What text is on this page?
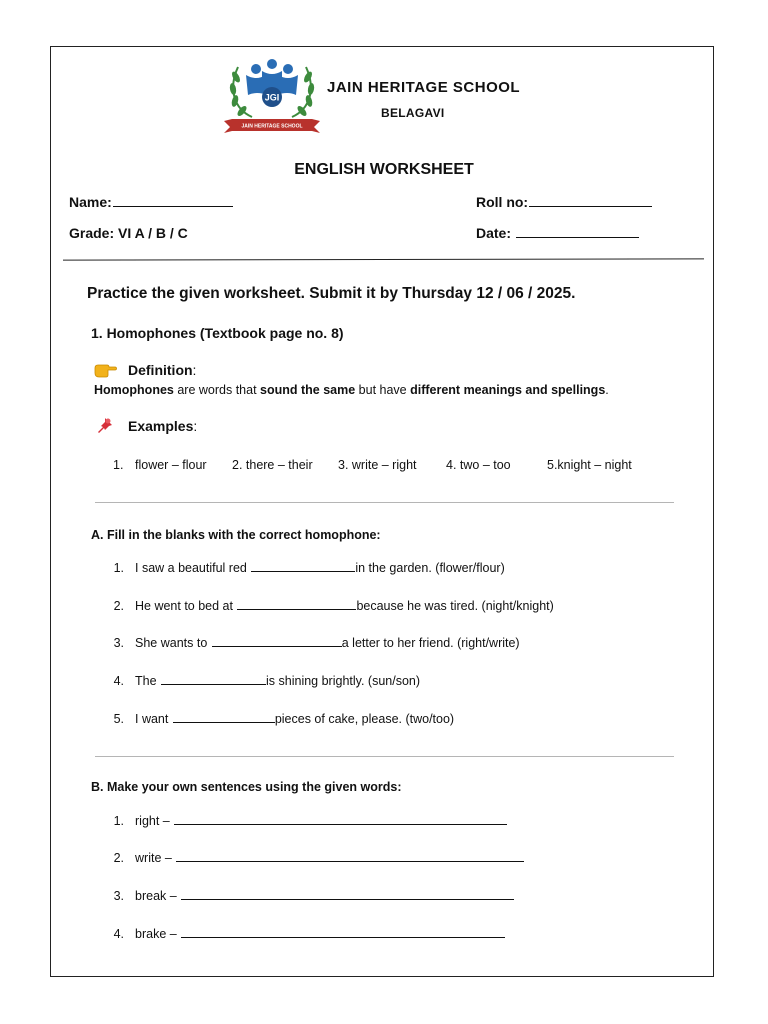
JGI
JAIN HERITAGE SCHOOL
JAIN HERITAGE SCHOOL
BELAGAVI
ENGLISH WORKSHEET
Name:	Roll no:
Grade: VI A / B / C	Date:
Practice the given worksheet. Submit it by Thursday 12 / 06 / 2025.
1. Homophones (Textbook page no. 8)
Definition:
Homophones are words that sound the same but have different meanings and spellings.
Examples:
1. flower – flour 2. there – their 3. write – right 4. two – too	5.knight – night
A. Fill in the blanks with the correct homophone:
1. I saw a beautiful red	in the garden. (flower/flour)
2. He went to bed at	because he was tired. (night/knight)
3. She wants to	a letter to her friend. (right/write)
4. The	is shining brightly. (sun/son)
5. I want	pieces of cake, please. (two/too)
B. Make your own sentences using the given words:
1. right –
2. write –
3. break –
4. brake –
